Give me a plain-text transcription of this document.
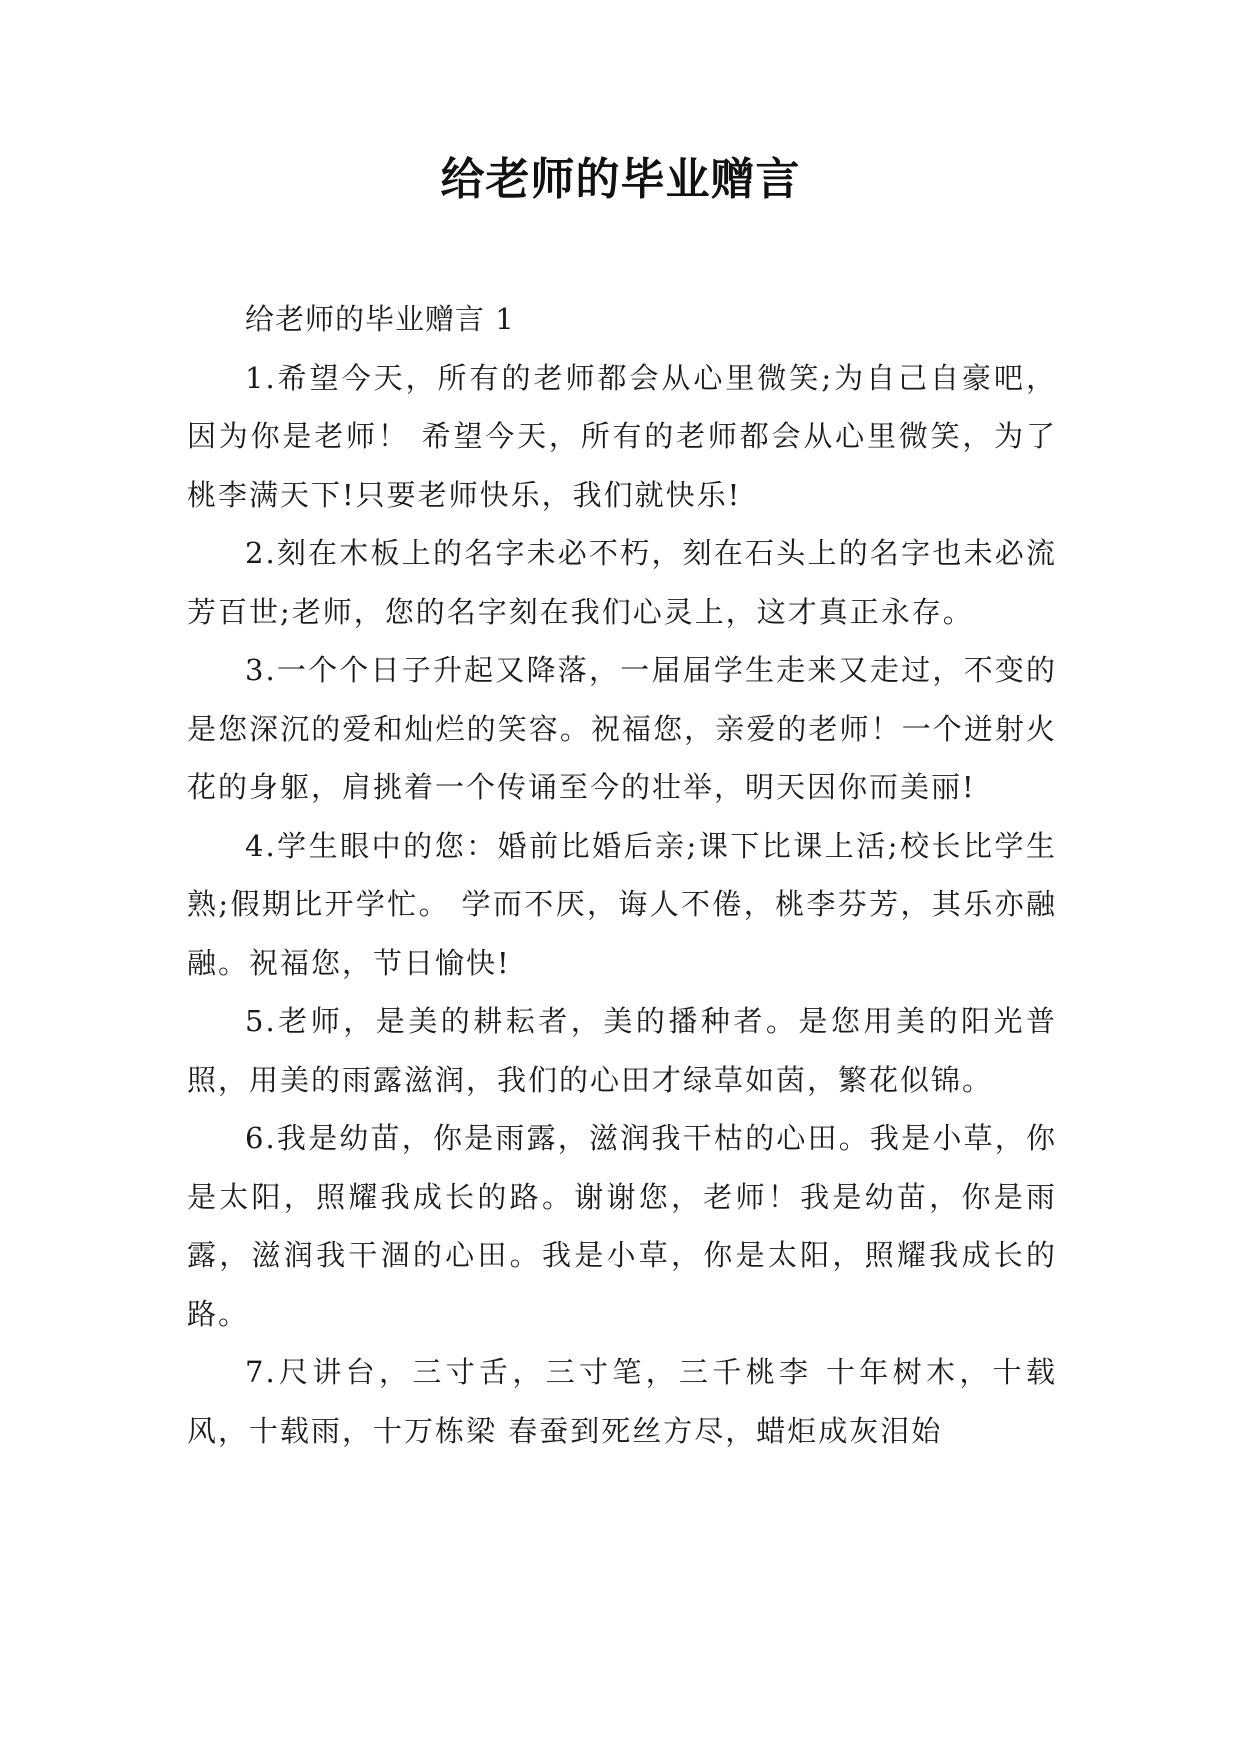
给老师的毕业赠言

给老师的毕业赠言 1

1.希望今天，所有的老师都会从心里微笑;为自己自豪吧，因为你是老师！ 希望今天，所有的老师都会从心里微笑，为了桃李满天下!只要老师快乐，我们就快乐!

2.刻在木板上的名字未必不朽，刻在石头上的名字也未必流芳百世;老师，您的名字刻在我们心灵上，这才真正永存。

3.一个个日子升起又降落，一届届学生走来又走过，不变的是您深沉的爱和灿烂的笑容。祝福您，亲爱的老师！一个迸射火花的身躯，肩挑着一个传诵至今的壮举，明天因你而美丽!

4.学生眼中的您：婚前比婚后亲;课下比课上活;校长比学生熟;假期比开学忙。 学而不厌，诲人不倦，桃李芬芳，其乐亦融融。祝福您，节日愉快!

5.老师，是美的耕耘者，美的播种者。是您用美的阳光普照，用美的雨露滋润，我们的心田才绿草如茵，繁花似锦。

6.我是幼苗，你是雨露，滋润我干枯的心田。我是小草，你是太阳，照耀我成长的路。谢谢您，老师！我是幼苗，你是雨露，滋润我干涸的心田。我是小草，你是太阳，照耀我成长的路。

7.尺讲台，三寸舌，三寸笔，三千桃李 十年树木，十载风，十载雨，十万栋梁 春蚕到死丝方尽，蜡炬成灰泪始
